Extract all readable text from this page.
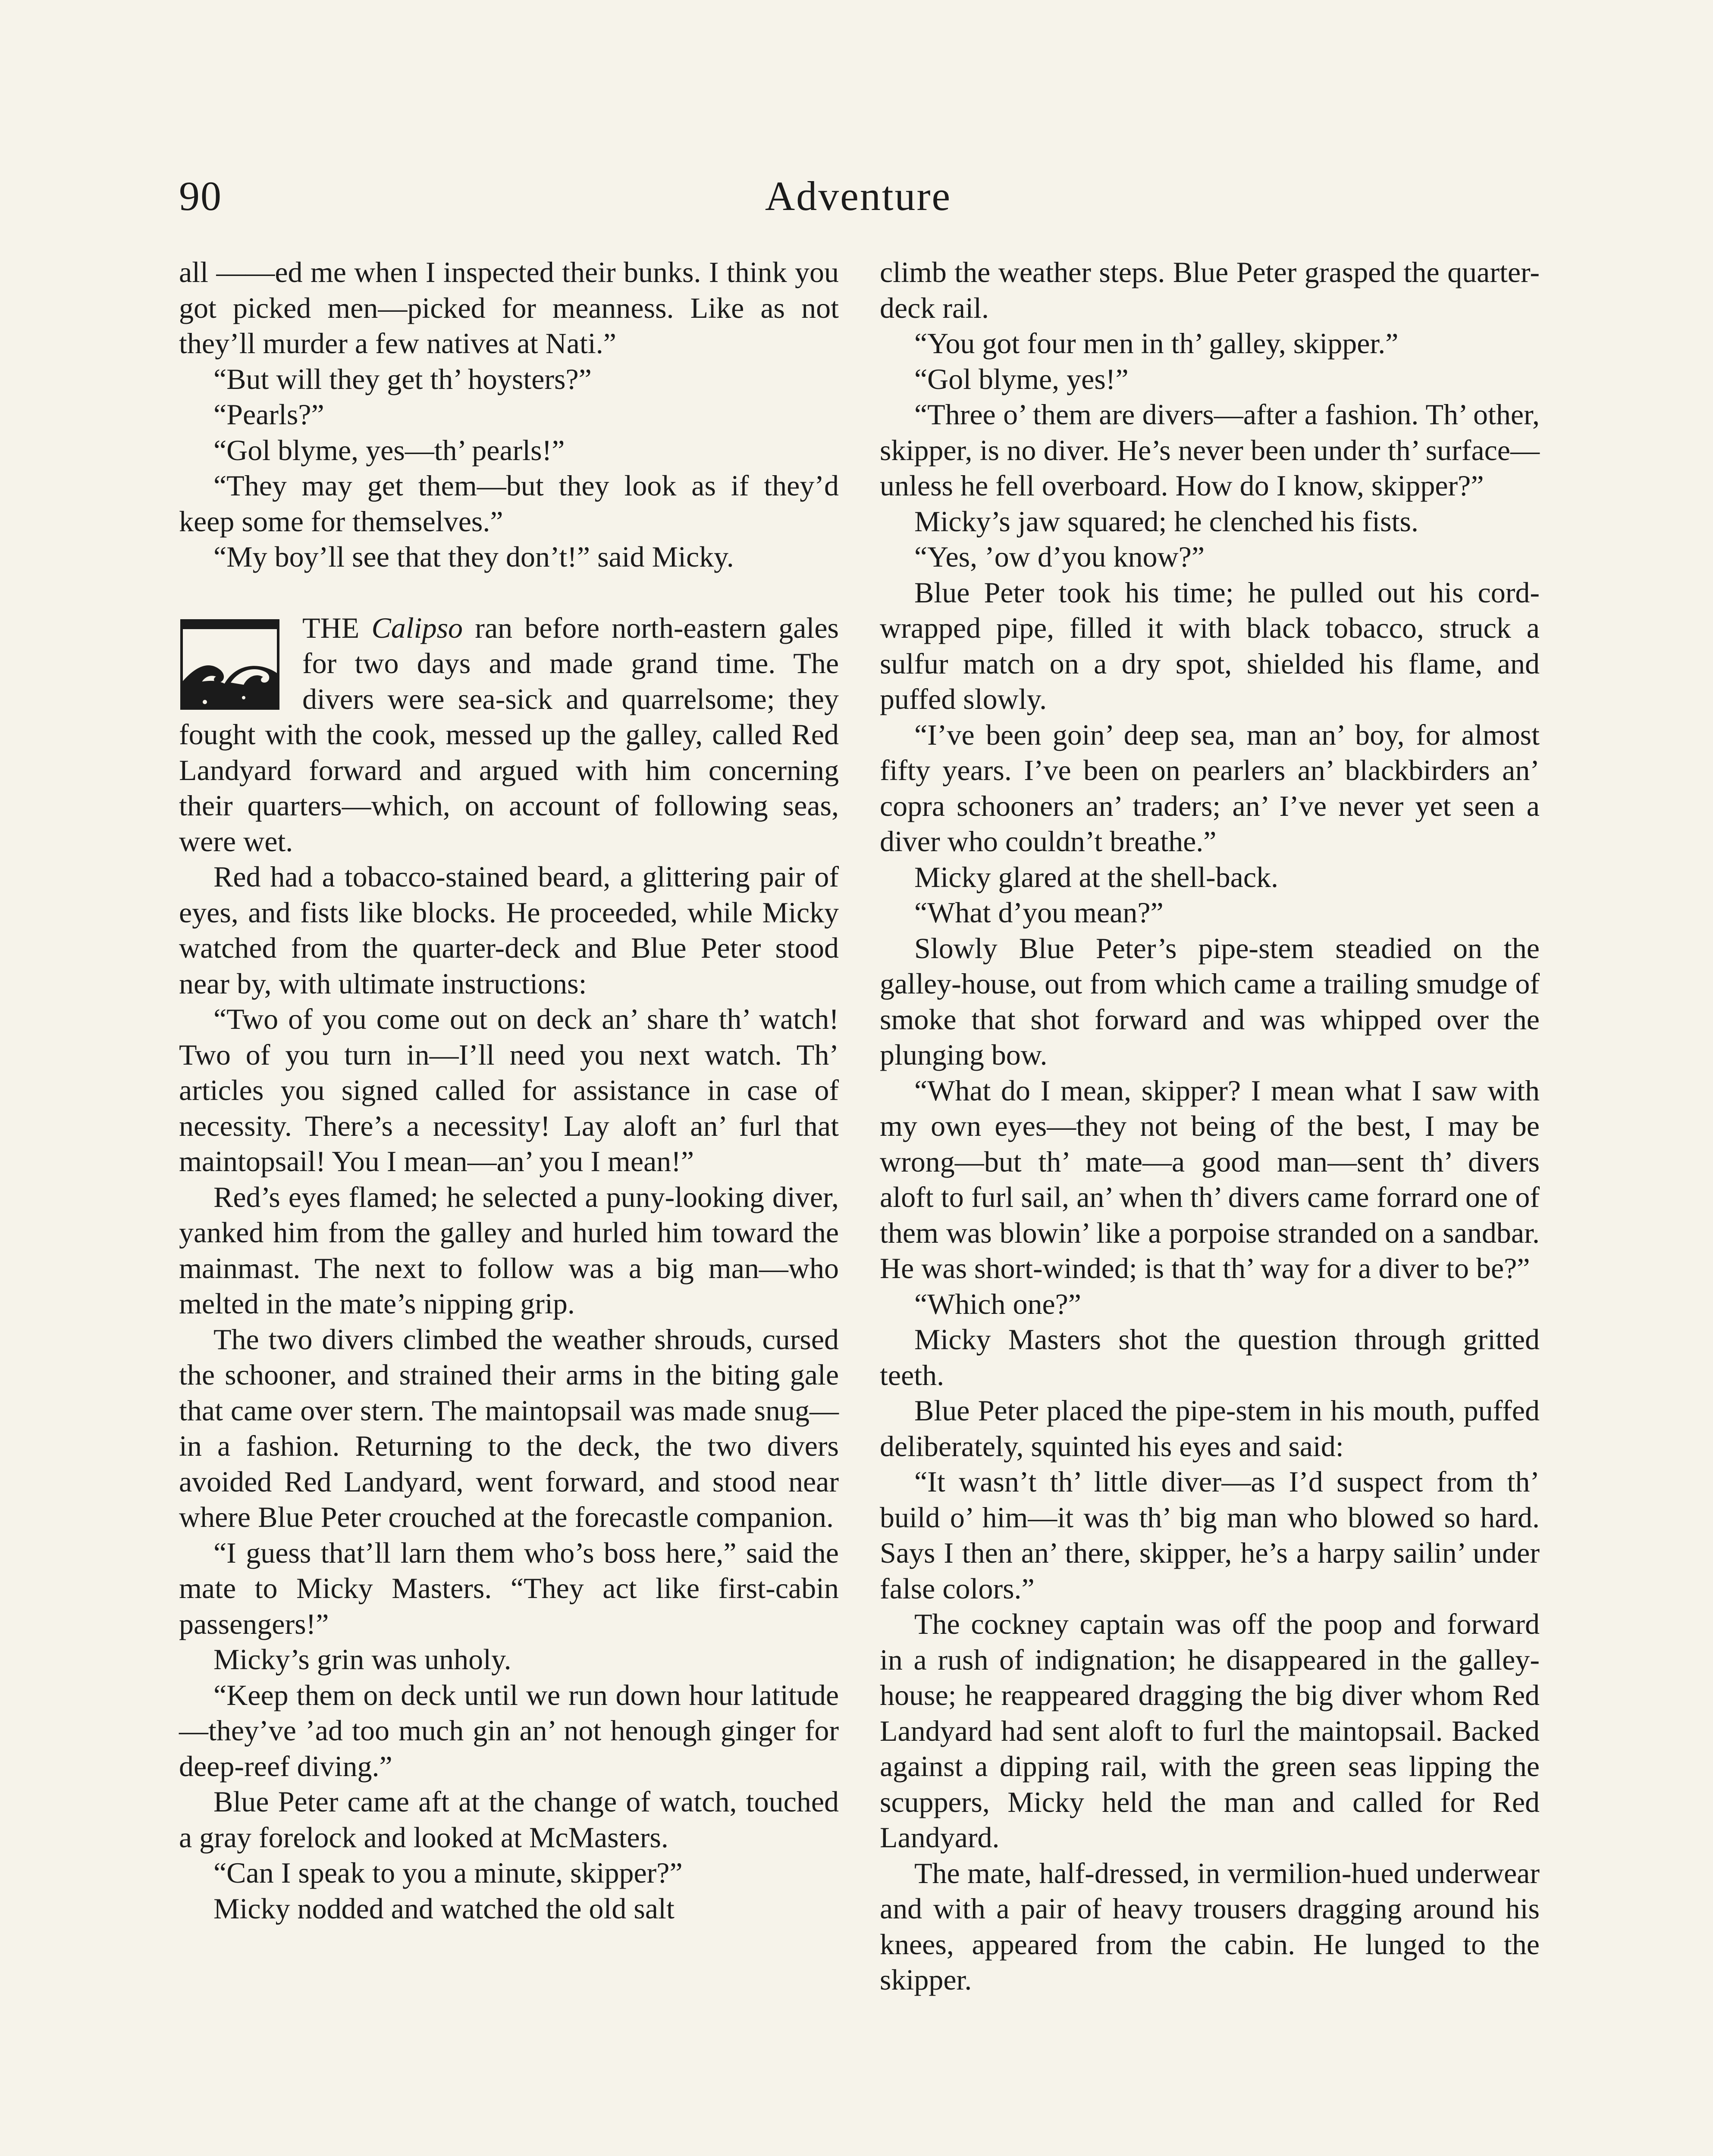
90	Adventure

all ——ed me when I inspected their bunks. I think you got picked men—picked for meanness. Like as not they’ll murder a few natives at Nati.”

“But will they get th’ hoysters?”

“Pearls?”

“Gol blyme, yes—th’ pearls!”

“They may get them—but they look as if they’d keep some for themselves.”

“My boy’ll see that they don’t!” said Micky.

THE Calipso ran before north-eastern gales for two days and made grand time. The divers were sea-sick and quarrelsome; they fought with the cook, messed up the galley, called Red Landyard forward and argued with him concerning their quarters—which, on account of following seas, were wet.

Red had a tobacco-stained beard, a glittering pair of eyes, and fists like blocks. He proceeded, while Micky watched from the quarter-deck and Blue Peter stood near by, with ultimate instructions:

“Two of you come out on deck an’ share th’ watch! Two of you turn in—I’ll need you next watch. Th’ articles you signed called for assistance in case of necessity. There’s a necessity! Lay aloft an’ furl that maintopsail! You I mean—an’ you I mean!”

Red’s eyes flamed; he selected a puny-looking diver, yanked him from the galley and hurled him toward the mainmast. The next to follow was a big man—who melted in the mate’s nipping grip.

The two divers climbed the weather shrouds, cursed the schooner, and strained their arms in the biting gale that came over stern. The maintopsail was made snug—in a fashion. Returning to the deck, the two divers avoided Red Landyard, went forward, and stood near where Blue Peter crouched at the forecastle companion.

“I guess that’ll larn them who’s boss here,” said the mate to Micky Masters. “They act like first-cabin passengers!”

Micky’s grin was unholy.

“Keep them on deck until we run down hour latitude—they’ve ’ad too much gin an’ not henough ginger for deep-reef diving.”

Blue Peter came aft at the change of watch, touched a gray forelock and looked at McMasters.

“Can I speak to you a minute, skipper?”

Micky nodded and watched the old salt

climb the weather steps. Blue Peter grasped the quarter-deck rail.

“You got four men in th’ galley, skipper.”

“Gol blyme, yes!”

“Three o’ them are divers—after a fashion. Th’ other, skipper, is no diver. He’s never been under th’ surface—unless he fell overboard. How do I know, skipper?”

Micky’s jaw squared; he clenched his fists.

“Yes, ’ow d’you know?”

Blue Peter took his time; he pulled out his cord-wrapped pipe, filled it with black tobacco, struck a sulfur match on a dry spot, shielded his flame, and puffed slowly.

“I’ve been goin’ deep sea, man an’ boy, for almost fifty years. I’ve been on pearlers an’ blackbirders an’ copra schooners an’ traders; an’ I’ve never yet seen a diver who couldn’t breathe.”

Micky glared at the shell-back.

“What d’you mean?”

Slowly Blue Peter’s pipe-stem steadied on the galley-house, out from which came a trailing smudge of smoke that shot forward and was whipped over the plunging bow.

“What do I mean, skipper? I mean what I saw with my own eyes—they not being of the best, I may be wrong—but th’ mate—a good man—sent th’ divers aloft to furl sail, an’ when th’ divers came forrard one of them was blowin’ like a porpoise stranded on a sandbar. He was short-winded; is that th’ way for a diver to be?”

“Which one?”

Micky Masters shot the question through gritted teeth.

Blue Peter placed the pipe-stem in his mouth, puffed deliberately, squinted his eyes and said:

“It wasn’t th’ little diver—as I’d suspect from th’ build o’ him—it was th’ big man who blowed so hard. Says I then an’ there, skipper, he’s a harpy sailin’ under false colors.”

The cockney captain was off the poop and forward in a rush of indignation; he disappeared in the galley-house; he reappeared dragging the big diver whom Red Landyard had sent aloft to furl the maintopsail. Backed against a dipping rail, with the green seas lipping the scuppers, Micky held the man and called for Red Landyard.

The mate, half-dressed, in vermilion-hued underwear and with a pair of heavy trousers dragging around his knees, appeared from the cabin. He lunged to the skipper.
